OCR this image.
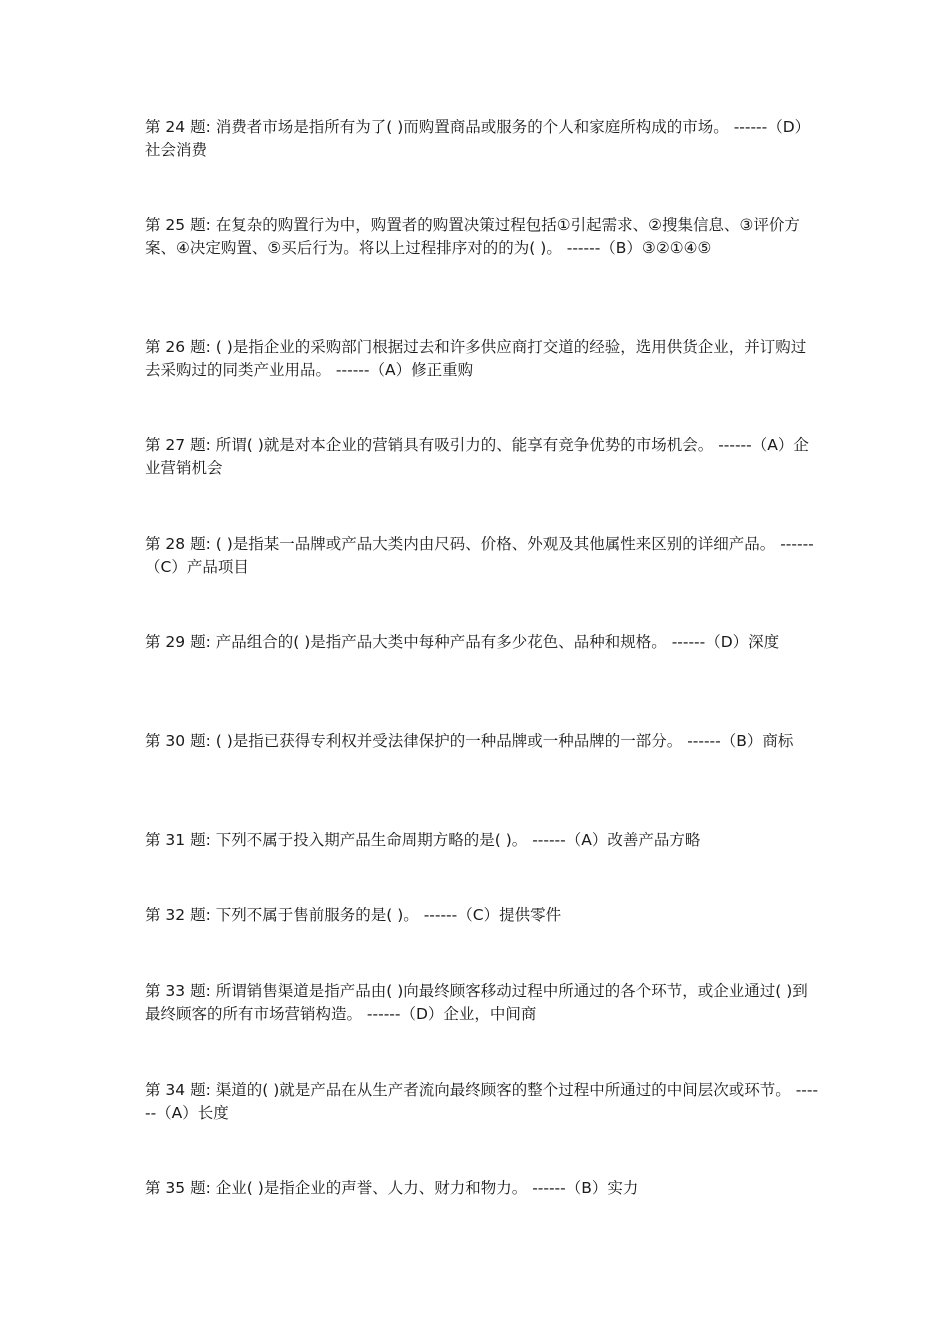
第 24 题: 消费者市场是指所有为了( )而购置商品或服务的个人和家庭所构成的市场。 ------（D）社会消费
第 25 题: 在复杂的购置行为中，购置者的购置决策过程包括①引起需求、②搜集信息、③评价方案、④决定购置、⑤买后行为。将以上过程排序对的的为( )。 ------（B）③②①④⑤
第 26 题: ( )是指企业的采购部门根据过去和许多供应商打交道的经验，选用供货企业，并订购过去采购过的同类产业用品。 ------（A）修正重购
第 27 题: 所谓( )就是对本企业的营销具有吸引力的、能享有竞争优势的市场机会。 ------（A）企业营销机会
第 28 题: ( )是指某一品牌或产品大类内由尺码、价格、外观及其他属性来区别的详细产品。 ------（C）产品项目
第 29 题: 产品组合的( )是指产品大类中每种产品有多少花色、品种和规格。 ------（D）深度
第 30 题: ( )是指已获得专利权并受法律保护的一种品牌或一种品牌的一部分。 ------（B）商标
第 31 题: 下列不属于投入期产品生命周期方略的是( )。 ------（A）改善产品方略
第 32 题: 下列不属于售前服务的是( )。 ------（C）提供零件
第 33 题: 所谓销售渠道是指产品由( )向最终顾客移动过程中所通过的各个环节，或企业通过( )到最终顾客的所有市场营销构造。 ------（D）企业，中间商
第 34 题: 渠道的( )就是产品在从生产者流向最终顾客的整个过程中所通过的中间层次或环节。 ------（A）长度
第 35 题: 企业( )是指企业的声誉、人力、财力和物力。 ------（B）实力
